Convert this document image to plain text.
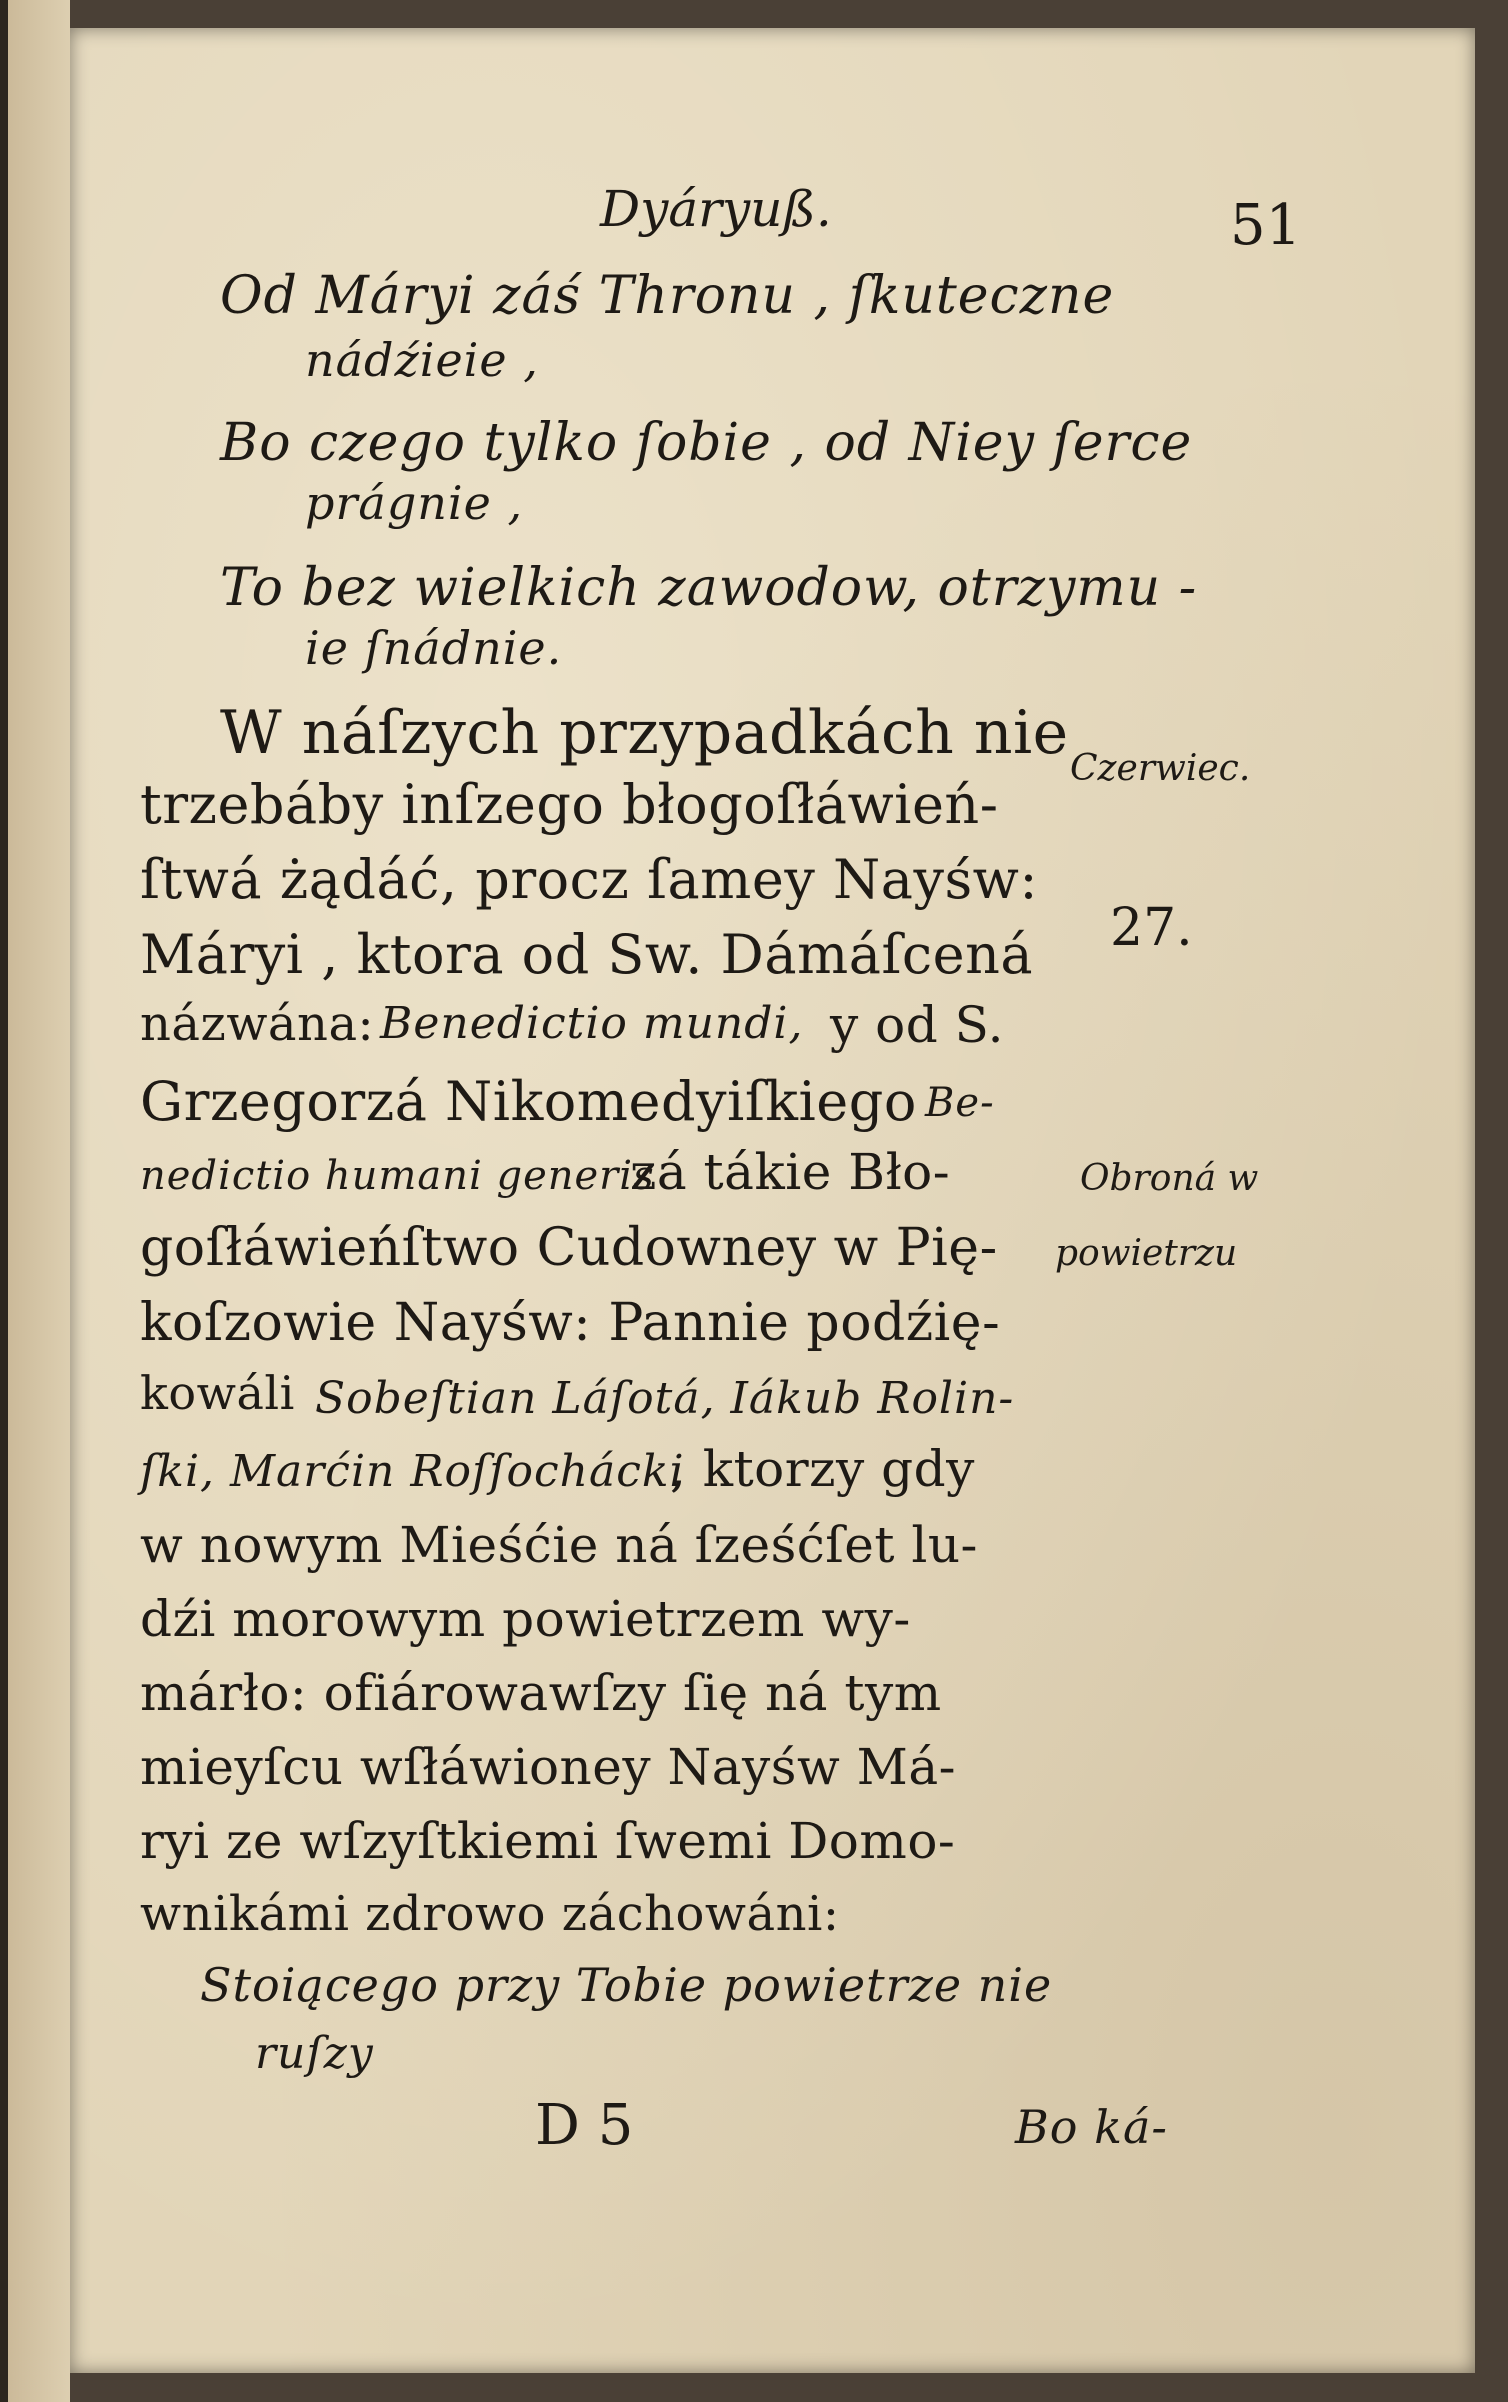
Dyáryuß.	51
Od Máryi záś Thronu , ſkuteczne
nádźieie ,
Bo czego tylko ſobie , od Niey ſerce
prágnie ,
To bez wielkich zawodow, otrzymu -
ie ſnádnie.
W náſzych przypadkách nie
trzebáby inſzego błogoſłáwień-
ſtwá żądáć, procz ſamey Nayśw:
Máryi , ktora od Sw. Dámáſcená
názwána: Benedictio mundi, y od S.
Grzegorzá Nikomedyiſkiego Be-
nedictio humani generis
zá tákie Bło-
goſłáwieńſtwo Cudowney w Pię-
koſzowie Nayśw: Pannie podźię-
kowáli Sobeſtian Láſotá, Iákub Rolin-
ſki, Marćin Roſſochácki
, ktorzy gdy
w nowym Mieśćie ná ſześćſet lu-
dźi morowym powietrzem wy-
márło: ofiárowawſzy ſię ná tym
mieyſcu wſłáwioney Nayśw Má-
ryi ze wſzyſtkiemi ſwemi Domo-
wnikámi zdrowo záchowáni:
Stoiącego przy Tobie powietrze nie
ruſzy
Czerwiec.
27.
Obroná w
powietrzu
D 5	Bo ká-
